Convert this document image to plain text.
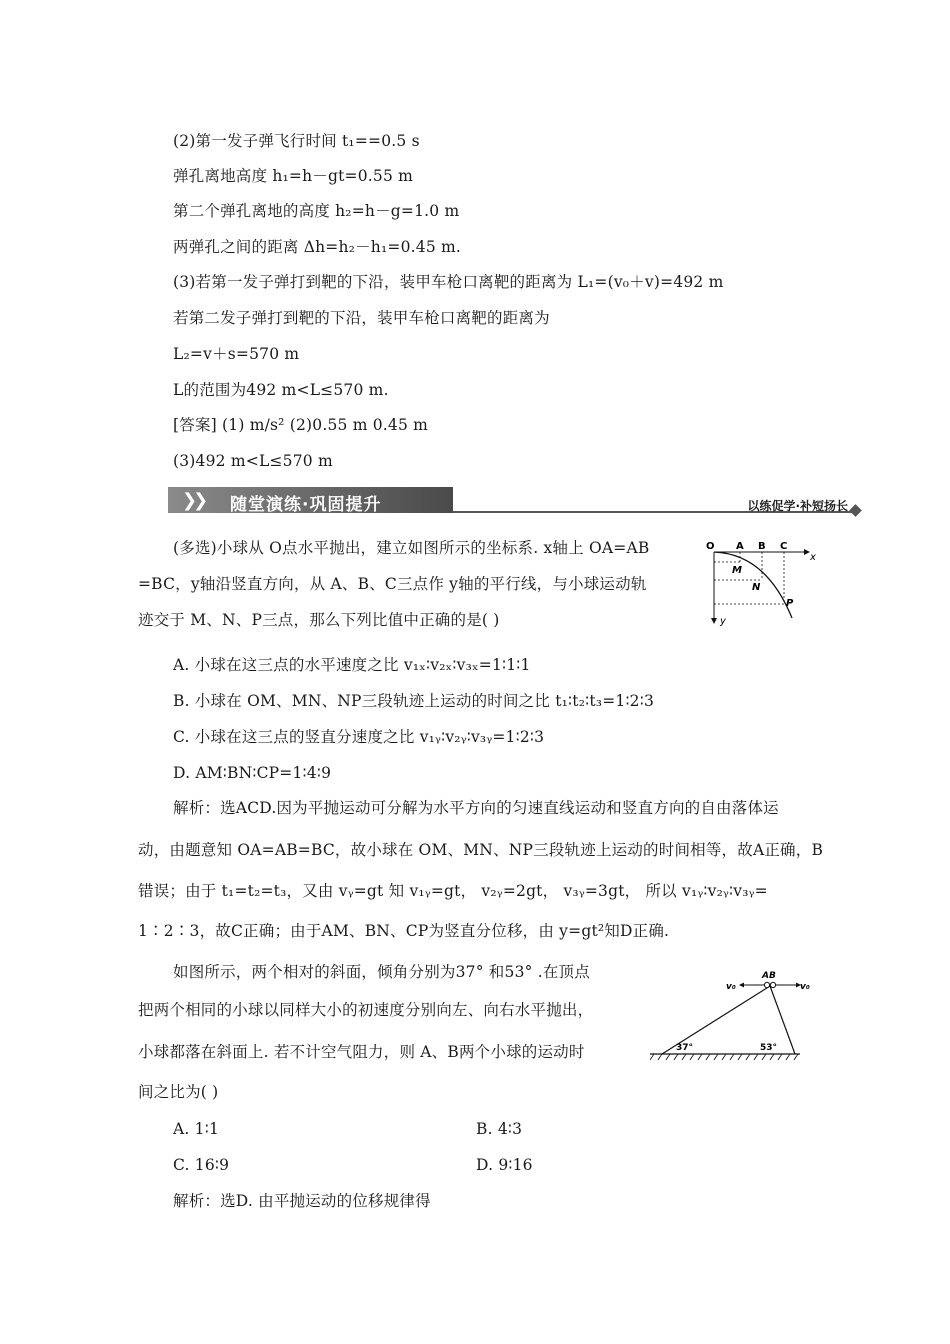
(2)第一发子弹飞行时间 t₁==0.5 s
弹孔离地高度 h₁=h－gt=0.55 m
第二个弹孔离地的高度 h₂=h－g=1.0 m
两弹孔之间的距离 Δh=h₂－h₁=0.45 m.
(3)若第一发子弹打到靶的下沿，装甲车枪口离靶的距离为 L₁=(v₀＋v)=492 m
若第二发子弹打到靶的下沿，装甲车枪口离靶的距离为
L₂=v＋s=570 m
L的范围为492 m<L≤570 m.
[答案] (1) m/s² (2)0.55 m 0.45 m
(3)492 m<L≤570 m
❯❯ 随堂演练·巩固提升	以练促学·补短扬长
(多选)小球从 O点水平抛出，建立如图所示的坐标系. x轴上 OA=AB
=BC，y轴沿竖直方向，从 A、B、C三点作 y轴的平行线，与小球运动轨
迹交于 M、N、P三点，那么下列比值中正确的是( )
A. 小球在这三点的水平速度之比 v₁ₓ∶v₂ₓ∶v₃ₓ=1∶1∶1
B. 小球在 OM、MN、NP三段轨迹上运动的时间之比 t₁∶t₂∶t₃=1∶2∶3
C. 小球在这三点的竖直分速度之比 v₁ᵧ∶v₂ᵧ∶v₃ᵧ=1∶2∶3
D. AM∶BN∶CP=1∶4∶9
解析：选ACD.因为平抛运动可分解为水平方向的匀速直线运动和竖直方向的自由落体运
动，由题意知 OA=AB=BC，故小球在 OM、MN、NP三段轨迹上运动的时间相等，故A正确，B
错误；由于 t₁=t₂=t₃，又由 vᵧ=gt 知 v₁ᵧ=gt， v₂ᵧ=2gt， v₃ᵧ=3gt， 所以 v₁ᵧ∶v₂ᵧ∶v₃ᵧ=
1∶2∶3，故C正确；由于AM、BN、CP为竖直分位移，由 y=gt²知D正确.
O A B C
x
y
M
N
P
如图所示，两个相对的斜面，倾角分别为37° 和53° .在顶点
把两个相同的小球以同样大小的初速度分别向左、向右水平抛出，
小球都落在斜面上. 若不计空气阻力，则 A、B两个小球的运动时
间之比为( )
A. 1∶1	B. 4∶3
C. 16∶9	D. 9∶16
解析：选D. 由平抛运动的位移规律得
v₀
AB
v₀
37°	53°
